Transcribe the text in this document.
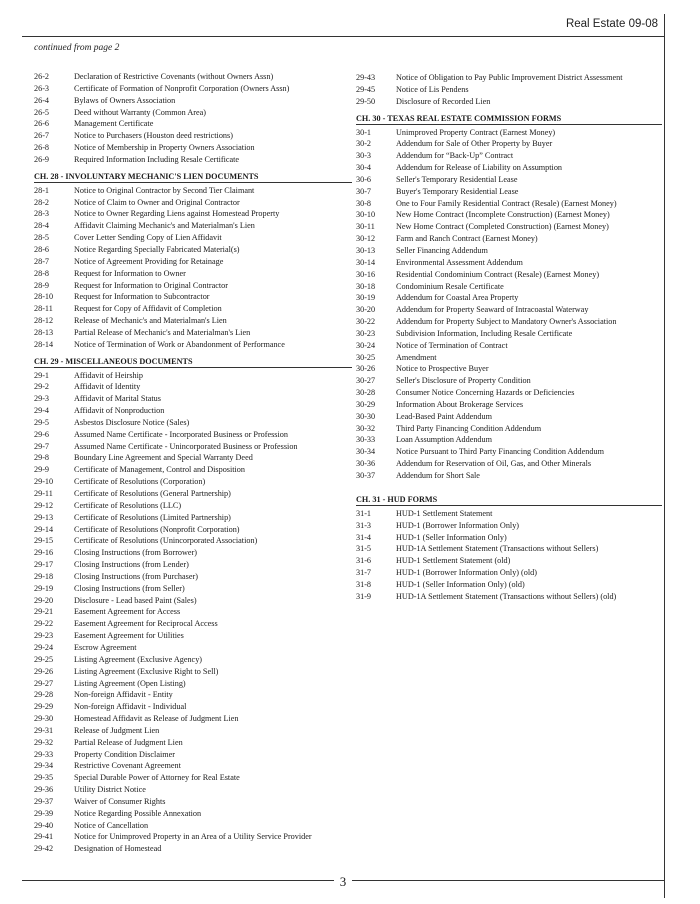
Real Estate 09-08
continued from page 2
26-2	Declaration of Restrictive Covenants (without Owners Assn)
26-3	Certificate of Formation of Nonprofit Corporation (Owners Assn)
26-4	Bylaws of Owners Association
26-5	Deed without Warranty (Common Area)
26-6	Management Certificate
26-7	Notice to Purchasers (Houston deed restrictions)
26-8	Notice of Membership in Property Owners Association
26-9	Required Information Including Resale Certificate
CH. 28 - INVOLUNTARY MECHANIC'S LIEN DOCUMENTS
28-1	Notice to Original Contractor by Second Tier Claimant
28-2	Notice of Claim to Owner and Original Contractor
28-3	Notice to Owner Regarding Liens against Homestead Property
28-4	Affidavit Claiming Mechanic's and Materialman's Lien
28-5	Cover Letter Sending Copy of Lien Affidavit
28-6	Notice Regarding Specially Fabricated Material(s)
28-7	Notice of Agreement Providing for Retainage
28-8	Request for Information to Owner
28-9	Request for Information to Original Contractor
28-10	Request for Information to Subcontractor
28-11	Request for Copy of Affidavit of Completion
28-12	Release of Mechanic's and Materialman's Lien
28-13	Partial Release of Mechanic's and Materialman's Lien
28-14	Notice of Termination of Work or Abandonment of Performance
CH. 29 - MISCELLANEOUS DOCUMENTS
29-1	Affidavit of Heirship
29-2	Affidavit of Identity
29-3	Affidavit of Marital Status
29-4	Affidavit of Nonproduction
29-5	Asbestos Disclosure Notice (Sales)
29-6	Assumed Name Certificate - Incorporated Business or Profession
29-7	Assumed Name Certificate - Unincorporated Business or Profession
29-8	Boundary Line Agreement and Special Warranty Deed
29-9	Certificate of Management, Control and Disposition
29-10	Certificate of Resolutions (Corporation)
29-11	Certificate of Resolutions (General Partnership)
29-12	Certificate of Resolutions (LLC)
29-13	Certificate of Resolutions (Limited Partnership)
29-14	Certificate of Resolutions (Nonprofit Corporation)
29-15	Certificate of Resolutions (Unincorporated Association)
29-16	Closing Instructions (from Borrower)
29-17	Closing Instructions (from Lender)
29-18	Closing Instructions (from Purchaser)
29-19	Closing Instructions (from Seller)
29-20	Disclosure - Lead based Paint (Sales)
29-21	Easement Agreement for Access
29-22	Easement Agreement for Reciprocal Access
29-23	Easement Agreement for Utilities
29-24	Escrow Agreement
29-25	Listing Agreement (Exclusive Agency)
29-26	Listing Agreement (Exclusive Right to Sell)
29-27	Listing Agreement (Open Listing)
29-28	Non-foreign Affidavit - Entity
29-29	Non-foreign Affidavit - Individual
29-30	Homestead Affidavit as Release of Judgment Lien
29-31	Release of Judgment Lien
29-32	Partial Release of Judgment Lien
29-33	Property Condition Disclaimer
29-34	Restrictive Covenant Agreement
29-35	Special Durable Power of Attorney for Real Estate
29-36	Utility District Notice
29-37	Waiver of Consumer Rights
29-39	Notice Regarding Possible Annexation
29-40	Notice of Cancellation
29-41	Notice for Unimproved Property in an Area of a Utility Service Provider
29-42	Designation of Homestead
29-43	Notice of Obligation to Pay Public Improvement District Assessment
29-45	Notice of Lis Pendens
29-50	Disclosure of Recorded Lien
CH. 30 - TEXAS REAL ESTATE COMMISSION FORMS
30-1	Unimproved Property Contract (Earnest Money)
30-2	Addendum for Sale of Other Property by Buyer
30-3	Addendum for “Back-Up” Contract
30-4	Addendum for Release of Liability on Assumption
30-6	Seller's Temporary Residential Lease
30-7	Buyer's Temporary Residential Lease
30-8	One to Four Family Residential Contract (Resale) (Earnest Money)
30-10	New Home Contract (Incomplete Construction) (Earnest Money)
30-11	New Home Contract (Completed Construction) (Earnest Money)
30-12	Farm and Ranch Contract (Earnest Money)
30-13	Seller Financing Addendum
30-14	Environmental Assessment Addendum
30-16	Residential Condominium Contract (Resale) (Earnest Money)
30-18	Condominium Resale Certificate
30-19	Addendum for Coastal Area Property
30-20	Addendum for Property Seaward of Intracoastal Waterway
30-22	Addendum for Property Subject to Mandatory Owner's Association
30-23	Subdivision Information, Including Resale Certificate
30-24	Notice of Termination of Contract
30-25	Amendment
30-26	Notice to Prospective Buyer
30-27	Seller's Disclosure of Property Condition
30-28	Consumer Notice Concerning Hazards or Deficiencies
30-29	Information About Brokerage Services
30-30	Lead-Based Paint Addendum
30-32	Third Party Financing Condition Addendum
30-33	Loan Assumption Addendum
30-34	Notice Pursuant to Third Party Financing Condition Addendum
30-36	Addendum for Reservation of Oil, Gas, and Other Minerals
30-37	Addendum for Short Sale
CH. 31 - HUD FORMS
31-1	HUD-1 Settlement Statement
31-3	HUD-1 (Borrower Information Only)
31-4	HUD-1 (Seller Information Only)
31-5	HUD-1A Settlement Statement (Transactions without Sellers)
31-6	HUD-1 Settlement Statement (old)
31-7	HUD-1 (Borrower Information Only) (old)
31-8	HUD-1 (Seller Information Only) (old)
31-9	HUD-1A Settlement Statement (Transactions without Sellers) (old)
3
